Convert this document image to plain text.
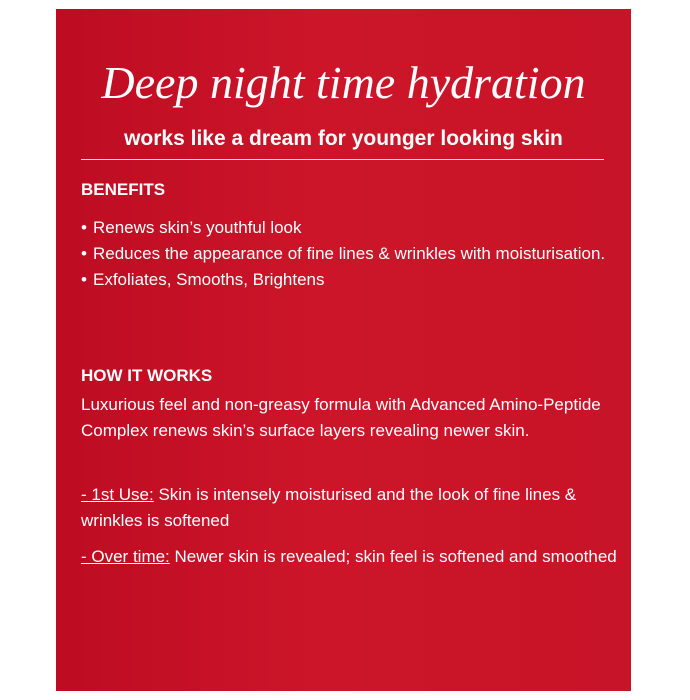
Deep night time hydration
works like a dream for younger looking skin
BENEFITS
• Renews skin’s youthful look
• Reduces the appearance of fine lines & wrinkles with moisturisation.
• Exfoliates, Smooths, Brightens
HOW IT WORKS
Luxurious feel and non-greasy formula with Advanced Amino-Peptide Complex renews skin’s surface layers revealing newer skin.
- 1st Use: Skin is intensely moisturised and the look of fine lines & wrinkles is softened
- Over time: Newer skin is revealed; skin feel is softened and smoothed
